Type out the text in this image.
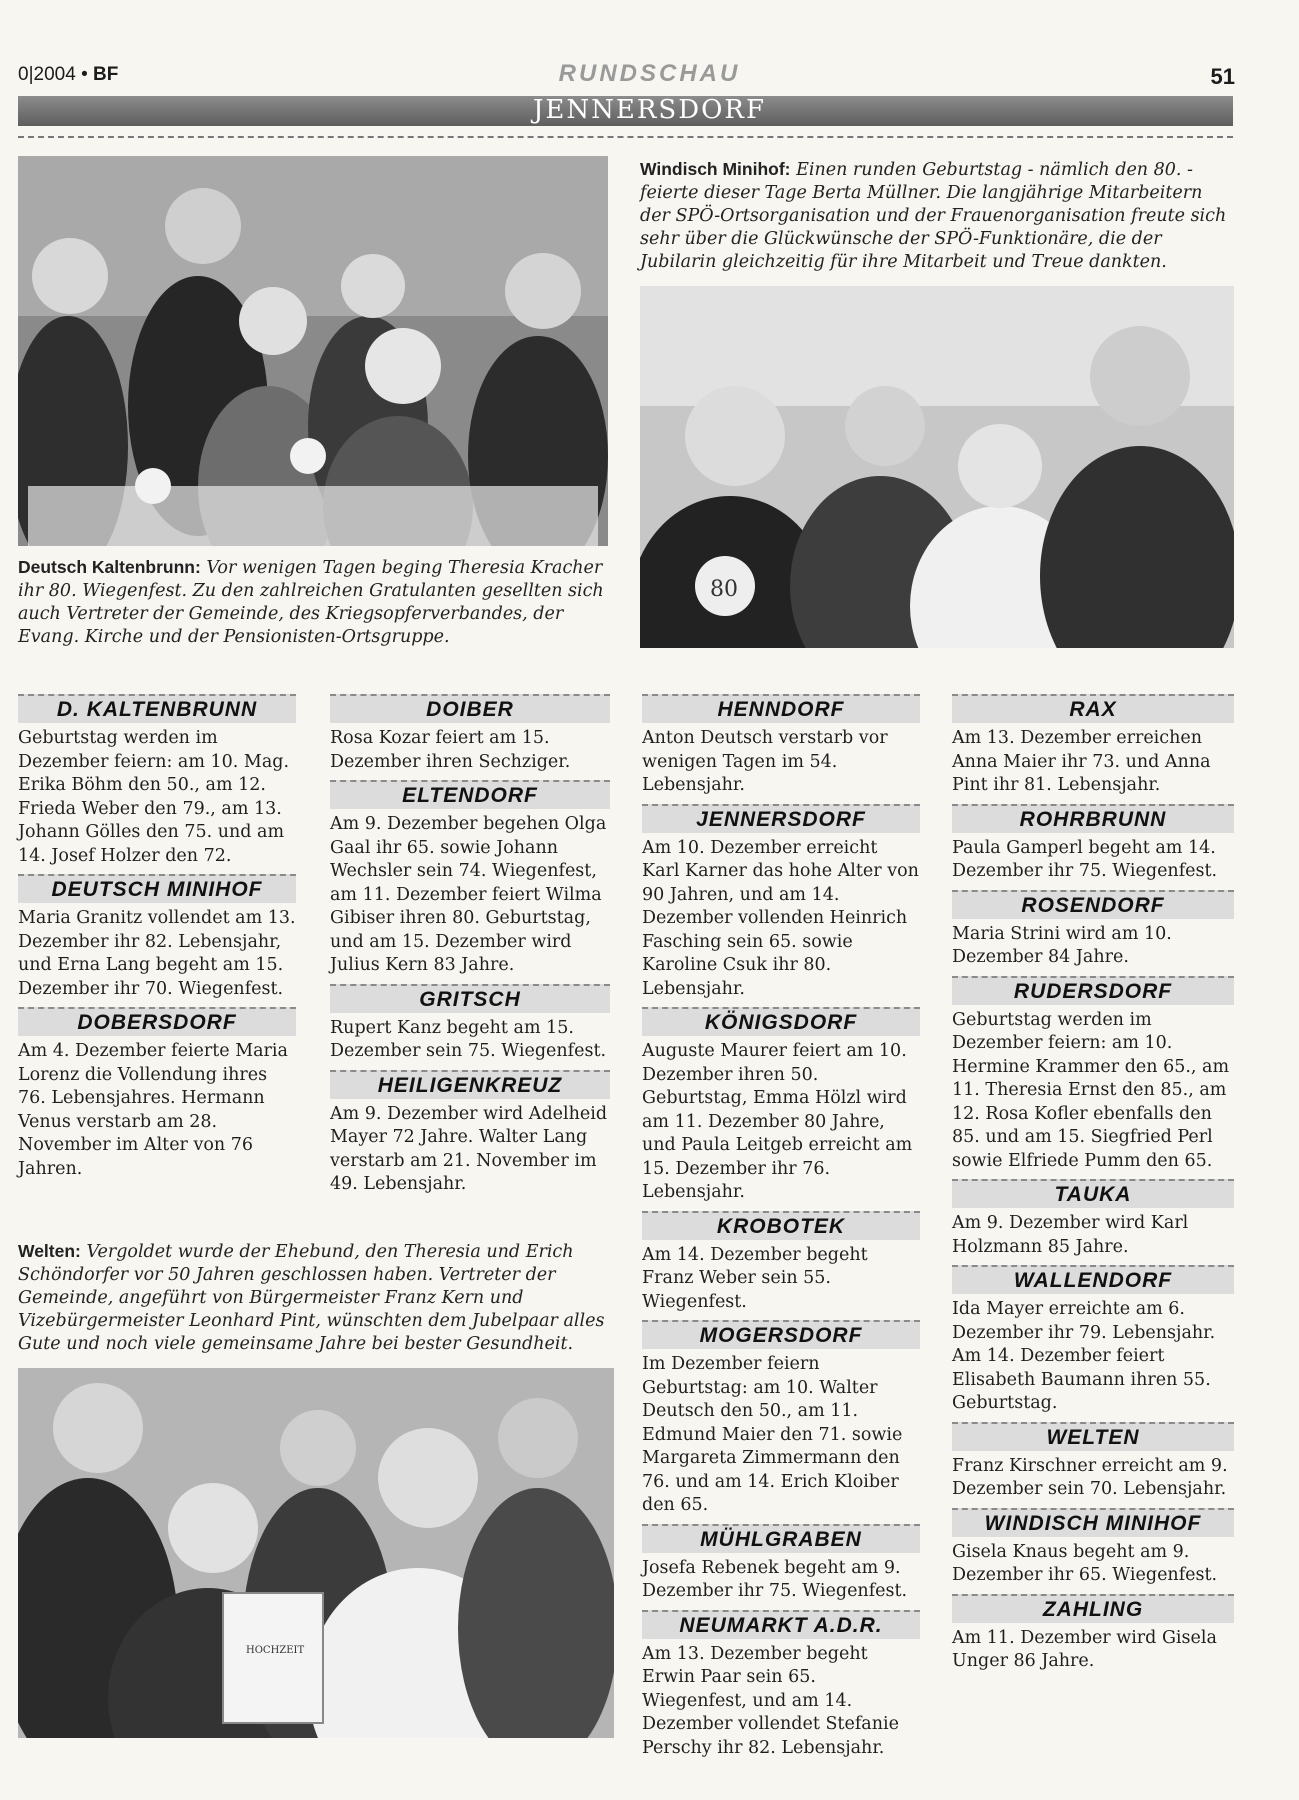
0|2004 • BF	RUNDSCHAU	51
JENNERSDORF
Deutsch Kaltenbrunn: Vor wenigen Tagen beging Theresia Kracher ihr 80. Wiegenfest. Zu den zahlreichen Gratulanten gesellten sich auch Vertreter der Gemeinde, des Kriegsopferverbandes, der Evang. Kirche und der Pensionisten-Ortsgruppe.
Windisch Minihof: Einen runden Geburtstag - nämlich den 80. - feierte dieser Tage Berta Müllner. Die langjährige Mitarbeitern der SPÖ-Ortsorganisation und der Frauenorganisation freute sich sehr über die Glückwünsche der SPÖ-Funktionäre, die der Jubilarin gleichzeitig für ihre Mitarbeit und Treue dankten.
80
D. KALTENBRUNN
Geburtstag werden im Dezember feiern: am 10. Mag. Erika Böhm den 50., am 12. Frieda Weber den 79., am 13. Johann Gölles den 75. und am 14. Josef Holzer den 72.
DEUTSCH MINIHOF
Maria Granitz vollendet am 13. Dezember ihr 82. Lebensjahr, und Erna Lang begeht am 15. Dezember ihr 70. Wiegenfest.
DOBERSDORF
Am 4. Dezember feierte Maria Lorenz die Vollendung ihres 76. Lebensjahres. Hermann Venus verstarb am 28. November im Alter von 76 Jahren.
DOIBER
Rosa Kozar feiert am 15. Dezember ihren Sechziger.
ELTENDORF
Am 9. Dezember begehen Olga Gaal ihr 65. sowie Johann Wechsler sein 74. Wiegenfest, am 11. Dezember feiert Wilma Gibiser ihren 80. Geburtstag, und am 15. Dezember wird Julius Kern 83 Jahre.
GRITSCH
Rupert Kanz begeht am 15. Dezember sein 75. Wiegenfest.
HEILIGENKREUZ
Am 9. Dezember wird Adelheid Mayer 72 Jahre. Walter Lang verstarb am 21. November im 49. Lebensjahr.
HENNDORF
Anton Deutsch verstarb vor wenigen Tagen im 54. Lebensjahr.
JENNERSDORF
Am 10. Dezember erreicht Karl Karner das hohe Alter von 90 Jahren, und am 14. Dezember vollenden Heinrich Fasching sein 65. sowie Karoline Csuk ihr 80. Lebensjahr.
KÖNIGSDORF
Auguste Maurer feiert am 10. Dezember ihren 50. Geburtstag, Emma Hölzl wird am 11. Dezember 80 Jahre, und Paula Leitgeb erreicht am 15. Dezember ihr 76. Lebensjahr.
KROBOTEK
Am 14. Dezember begeht Franz Weber sein 55. Wiegenfest.
MOGERSDORF
Im Dezember feiern Geburtstag: am 10. Walter Deutsch den 50., am 11. Edmund Maier den 71. sowie Margareta Zimmermann den 76. und am 14. Erich Kloiber den 65.
MÜHLGRABEN
Josefa Rebenek begeht am 9. Dezember ihr 75. Wiegenfest.
NEUMARKT A.D.R.
Am 13. Dezember begeht Erwin Paar sein 65. Wiegenfest, und am 14. Dezember vollendet Stefanie Perschy ihr 82. Lebensjahr.
RAX
Am 13. Dezember erreichen Anna Maier ihr 73. und Anna Pint ihr 81. Lebensjahr.
ROHRBRUNN
Paula Gamperl begeht am 14. Dezember ihr 75. Wiegenfest.
ROSENDORF
Maria Strini wird am 10. Dezember 84 Jahre.
RUDERSDORF
Geburtstag werden im Dezember feiern: am 10. Hermine Krammer den 65., am 11. Theresia Ernst den 85., am 12. Rosa Kofler ebenfalls den 85. und am 15. Siegfried Perl sowie Elfriede Pumm den 65.
TAUKA
Am 9. Dezember wird Karl Holzmann 85 Jahre.
WALLENDORF
Ida Mayer erreichte am 6. Dezember ihr 79. Lebensjahr. Am 14. Dezember feiert Elisabeth Baumann ihren 55. Geburtstag.
WELTEN
Franz Kirschner erreicht am 9. Dezember sein 70. Lebensjahr.
WINDISCH MINIHOF
Gisela Knaus begeht am 9. Dezember ihr 65. Wiegenfest.
ZAHLING
Am 11. Dezember wird Gisela Unger 86 Jahre.
Welten: Vergoldet wurde der Ehebund, den Theresia und Erich Schöndorfer vor 50 Jahren geschlossen haben. Vertreter der Gemeinde, angeführt von Bürgermeister Franz Kern und Vizebürgermeister Leonhard Pint, wünschten dem Jubelpaar alles Gute und noch viele gemeinsame Jahre bei bester Gesundheit.
HOCHZEIT
